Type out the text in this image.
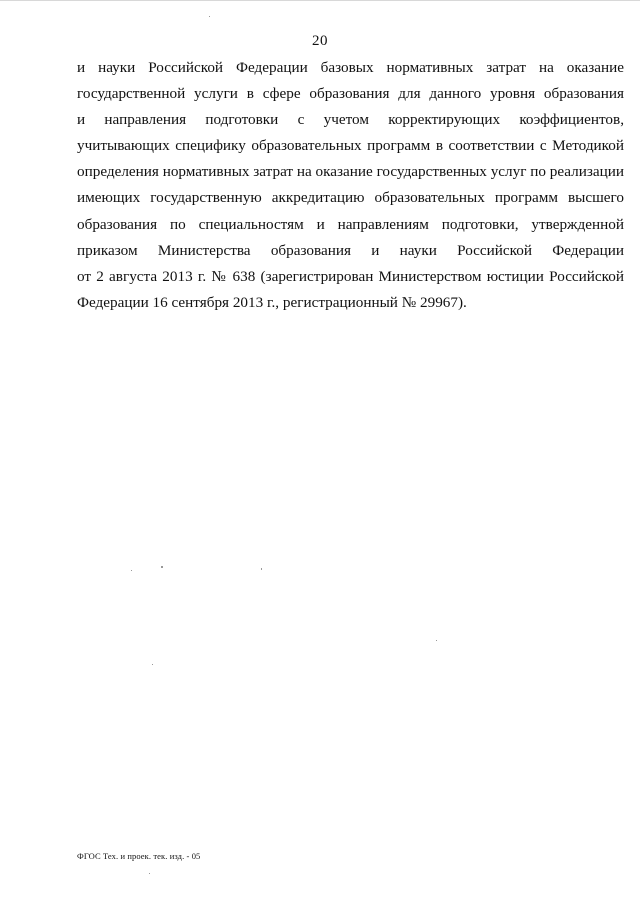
20
и науки Российской Федерации базовых нормативных затрат на оказание
государственной услуги в сфере образования для данного уровня образования
и направления подготовки с учетом корректирующих коэффициентов,
учитывающих специфику образовательных программ в соответствии с Методикой
определения нормативных затрат на оказание государственных услуг по реализации
имеющих государственную аккредитацию образовательных программ высшего
образования по специальностям и направлениям подготовки, утвержденной
приказом Министерства образования и науки Российской Федерации
от 2 августа 2013 г. № 638 (зарегистрирован Министерством юстиции Российской
Федерации 16 сентября 2013 г., регистрационный № 29967).
ФГОС Тех. и проек. тек. изд. - 05
